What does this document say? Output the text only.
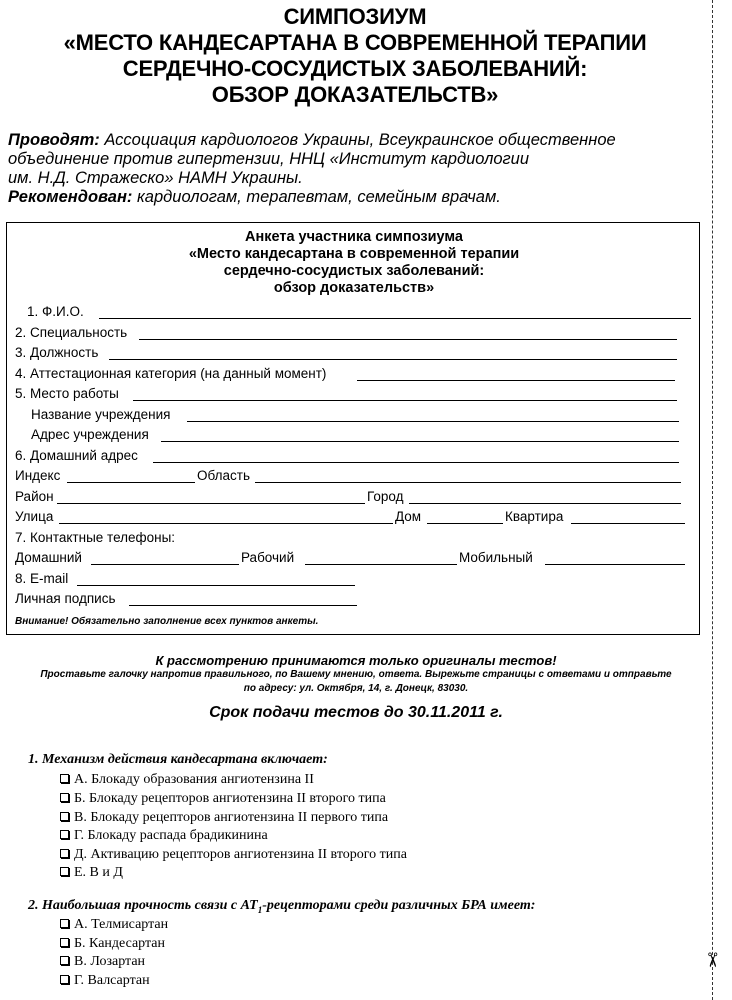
✂
СИМПОЗИУМ
«МЕСТО КАНДЕСАРТАНА В СОВРЕМЕННОЙ ТЕРАПИИ
СЕРДЕЧНО-СОСУДИСТЫХ ЗАБОЛЕВАНИЙ:
ОБЗОР ДОКАЗАТЕЛЬСТВ»
Проводят: Ассоциация кардиологов Украины, Всеукраинское общественное
объединение против гипертензии, ННЦ «Институт кардиологии
им. Н.Д. Стражеско» НАМН Украины.
Рекомендован: кардиологам, терапевтам, семейным врачам.
Анкета участника симпозиума
«Место кандесартана в современной терапии
сердечно-сосудистых заболеваний:
обзор доказательств»
1. Ф.И.О.
2. Специальность
3. Должность
4. Аттестационная категория (на данный момент)
5. Место работы
Название учреждения
Адрес учреждения
6. Домашний адрес
Индекс	Область
Район	Город
Улица	Дом	Квартира
7. Контактные телефоны:
Домашний	Рабочий	Мобильный
8. E-mail
Личная подпись
Внимание! Обязательно заполнение всех пунктов анкеты.
К рассмотрению принимаются только оригиналы тестов!
Проставьте галочку напротив правильного, по Вашему мнению, ответа. Вырежьте страницы с ответами и отправьте
по адресу: ул. Октября, 14, г. Донецк, 83030.
Срок подачи тестов до 30.11.2011 г.
1. Механизм действия кандесартана включает:
А. Блокаду образования ангиотензина II
Б. Блокаду рецепторов ангиотензина II второго типа
В. Блокаду рецепторов ангиотензина II первого типа
Г. Блокаду распада брадикинина
Д. Активацию рецепторов ангиотензина II второго типа
Е. В и Д
2. Наибольшая прочность связи с $AT_1$-рецепторами среди различных БРА имеет:
А. Телмисартан
Б. Кандесартан
В. Лозартан
Г. Валсартан
